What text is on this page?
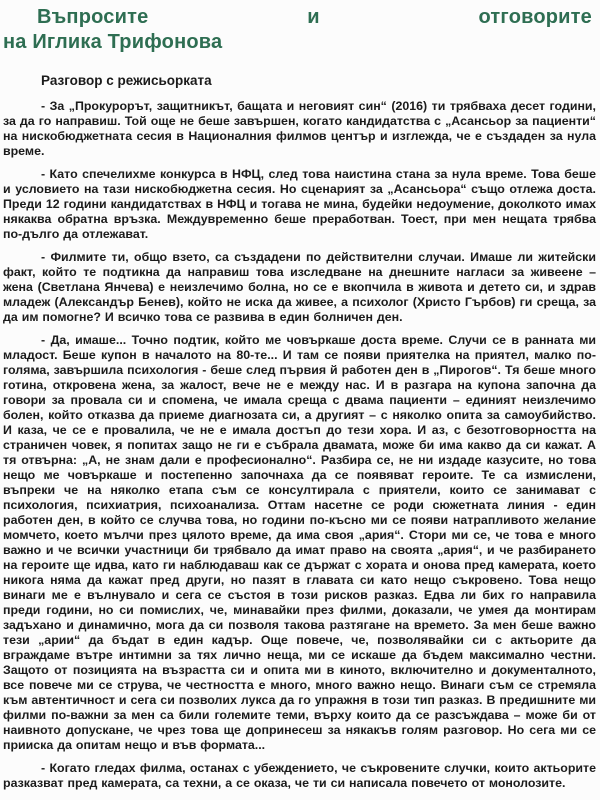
Въпросите и отговорите
на Иглика Трифонова
Разговор с режисьорката

- За „Прокурорът, защитникът, бащата и неговият син“ (2016) ти трябваха десет години, за да го направиш. Той още не беше завършен, когато кандидатства с „Асансьор за пациенти“ на нискобюджетната сесия в Националния филмов център и изглежда, че е създаден за нула време.

- Като спечелихме конкурса в НФЦ, след това наистина стана за нула време. Това беше и условието на тази нискобюджетна сесия. Но сценарият за „Асансьора“ също отлежа доста. Преди 12 години кандидатствах в НФЦ и тогава не мина, будейки недоумение, доколкото имах някаква обратна връзка. Междувременно беше преработван. Тоест, при мен нещата трябва по-дълго да отлежават.

- Филмите ти, общо взето, са създадени по действителни случаи. Имаше ли житейски факт, който те подтикна да направиш това изследване на днешните нагласи за живеене – жена (Светлана Янчева) е неизлечимо болна, но се е вкопчила в живота и детето си, и здрав младеж (Александър Бенев), който не иска да живее, а психолог (Христо Гърбов) ги среща, за да им помогне? И всичко това се развива в един болничен ден.

- Да, имаше... Точно подтик, който ме човъркаше доста време. Случи се в ранната ми младост. Беше купон в началото на 80-те... И там се появи приятелка на приятел, малко по-голяма, завършила психология - беше след първия й работен ден в „Пирогов“. Тя беше много готина, откровена жена, за жалост, вече не е между нас. И в разгара на купона започна да говори за провала си и спомена, че имала среща с двама пациенти – единият неизлечимо болен, който отказва да приеме диагнозата си, а другият – с няколко опита за самоубийство. И каза, че се е провалила, че не е имала достъп до тези хора. И аз, с безотговорността на страничен човек, я попитах защо не ги е събрала двамата, може би има какво да си кажат. А тя отвърна: „А, не знам дали е професионално“. Разбира се, не ни издаде казусите, но това нещо ме човъркаше и постепенно започнаха да се появяват героите. Те са измислени, въпреки че на няколко етапа съм се консултирала с приятели, които се занимават с психология, психиатрия, психоанализа. Оттам насетне се роди сюжетната линия - един работен ден, в който се случва това, но години по-късно ми се появи натрапливото желание момчето, което мълчи през цялото време, да има своя „ария“. Стори ми се, че това е много важно и че всички участници би трябвало да имат право на своята „ария“, и че разбирането на героите ще идва, като ги наблюдаваш как се държат с хората и онова пред камерата, което никога няма да кажат пред други, но пазят в главата си като нещо съкровено. Това нещо винаги ме е вълнувало и сега се състоя в този рисков разказ. Едва ли бих го направила преди години, но си помислих, че, минавайки през филми, доказали, че умея да монтирам задъхано и динамично, мога да си позволя такова разтягане на времето. За мен беше важно тези „арии“ да бъдат в един кадър. Още повече, че, позволявайки си с актьорите да вграждаме вътре интимни за тях лично неща, ми се искаше да бъдем максимално честни. Защото от позицията на възрастта си и опита ми в киното, включително и документалното, все повече ми се струва, че честността е много, много важно нещо. Винаги съм се стремяла към автентичност и сега си позволих лукса да го упражня в този тип разказ. В предишните ми филми по-важни за мен са били големите теми, върху които да се разсъждава – може би от наивното допускане, че чрез това ще допринесеш за някакъв голям разговор. Но сега ми се прииска да опитам нещо и във формата...

- Когато гледах филма, останах с убеждението, че съкровените случки, които актьорите разказват пред камерата, са техни, а се оказа, че ти си написала повечето от монолозите.
